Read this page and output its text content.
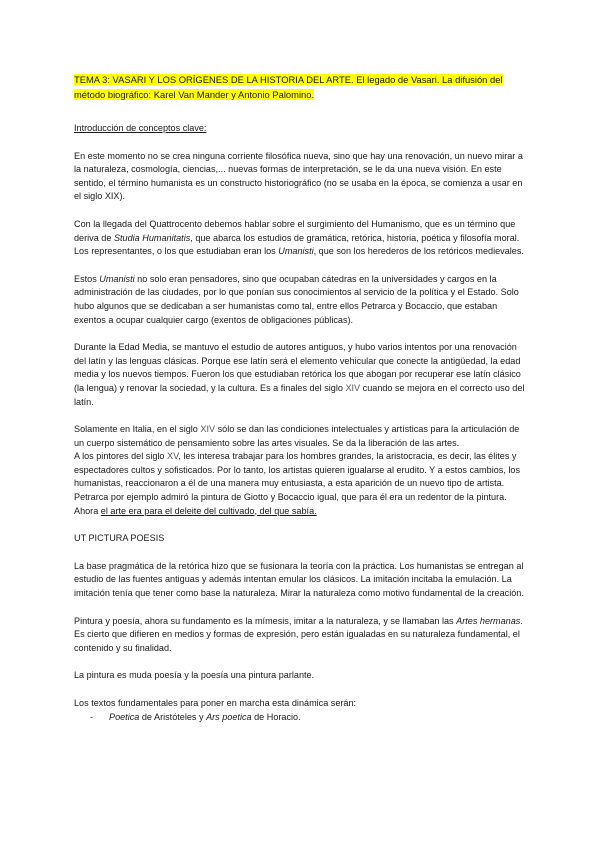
TEMA 3: VASARI Y LOS ORÍGENES DE LA HISTORIA DEL ARTE. El legado de Vasari. La difusión del método biográfico: Karel Van Mander y Antonio Palomino.
Introducción de conceptos clave:

En este momento no se crea ninguna corriente filosófica nueva, sino que hay una renovación, un nuevo mirar a la naturaleza, cosmología, ciencias,... nuevas formas de interpretación, se le da una nueva visión. En este sentido, el término humanista es un constructo historiográfico (no se usaba en la época, se comienza a usar en el siglo XIX).

Con la llegada del Quattrocento debemos hablar sobre el surgimiento del Humanismo, que es un término que deriva de Studia Humanitatis, que abarca los estudios de gramática, retórica, historia, poética y filosofía moral. Los representantes, o los que estudiaban eran los Umanisti, que son los herederos de los retóricos medievales.

Estos Umanisti no solo eran pensadores, sino que ocupaban cátedras en la universidades y cargos en la administración de las ciudades, por lo que ponían sus conocimientos al servicio de la política y el Estado. Solo hubo algunos que se dedicaban a ser humanistas como tal, entre ellos Petrarca y Bocaccio, que estaban exentos a ocupar cualquier cargo (exentos de obligaciones públicas).

Durante la Edad Media, se mantuvo el estudio de autores antiguos, y hubo varios intentos por una renovación del latín y las lenguas clásicas. Porque ese latín será el elemento vehicular que conecte la antigüedad, la edad media y los nuevos tiempos. Fueron los que estudiaban retórica los que abogan por recuperar ese latín clásico (la lengua) y renovar la sociedad, y la cultura. Es a finales del siglo XIV cuando se mejora en el correcto uso del latín.

Solamente en Italia, en el siglo XIV sólo se dan las condiciones intelectuales y artísticas para la articulación de un cuerpo sistemático de pensamiento sobre las artes visuales. Se da la liberación de las artes.

A los pintores del siglo XV, les interesa trabajar para los hombres grandes, la aristocracia, es decir, las élites y espectadores cultos y sofisticados. Por lo tanto, los artistas quieren igualarse al erudito. Y a estos cambios, los humanistas, reaccionaron a él de una manera muy entusiasta, a esta aparición de un nuevo tipo de artista. Petrarca por ejemplo admiró la pintura de Giotto y Bocaccio igual, que para él era un redentor de la pintura. Ahora el arte era para el deleite del cultivado, del que sabía.

UT PICTURA POESIS

La base pragmática de la retórica hizo que se fusionara la teoría con la práctica. Los humanistas se entregan al estudio de las fuentes antiguas y además intentan emular los clásicos. La imitación incitaba la emulación. La imitación tenía que tener como base la naturaleza. Mirar la naturaleza como motivo fundamental de la creación.

Pintura y poesía, ahora su fundamento es la mímesis, imitar a la naturaleza, y se llamaban las Artes hermanas. Es cierto que difieren en medios y formas de expresión, pero están igualadas en su naturaleza fundamental, el contenido y su finalidad.

La pintura es muda poesía y la poesía una pintura parlante.

Los textos fundamentales para poner en marcha esta dinámica serán:

- Poetica de Aristóteles y Ars poetica de Horacio.
